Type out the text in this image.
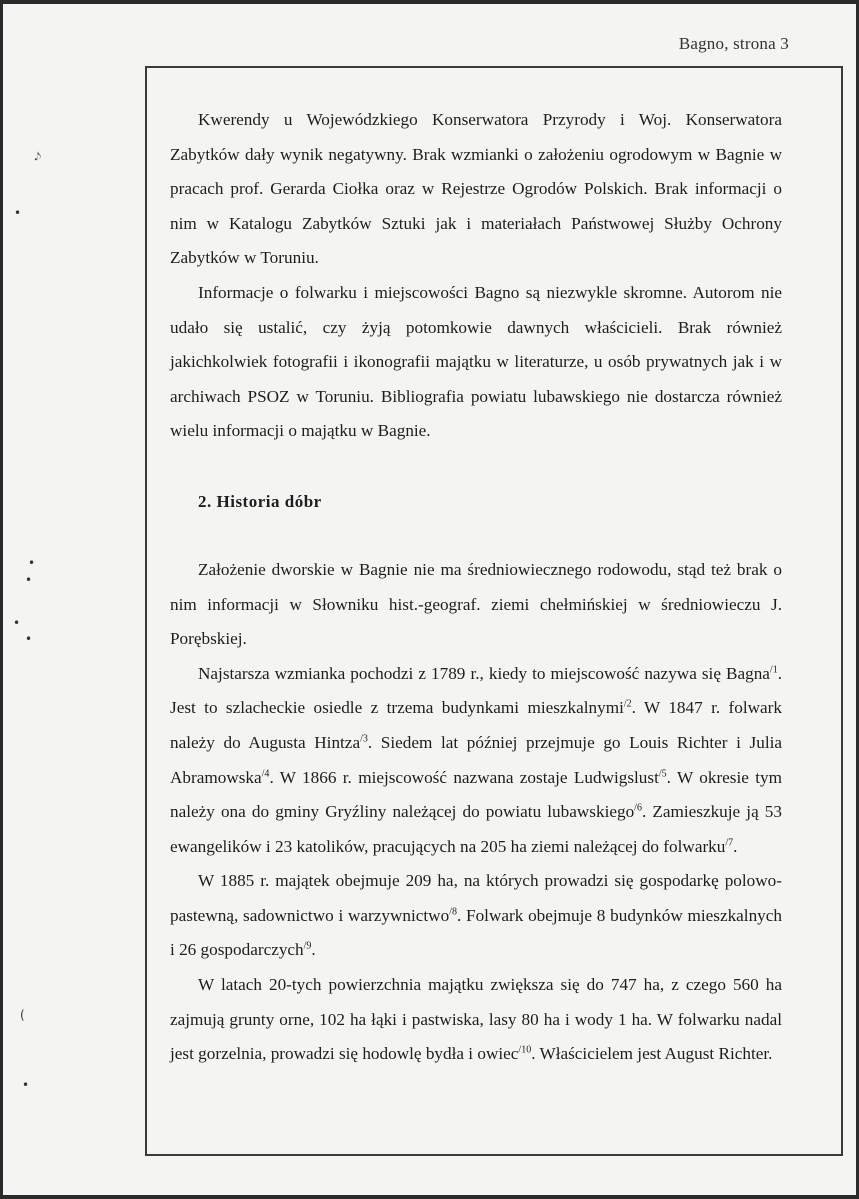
Bagno, strona 3
𝆺𝅥𝅮
•
•
•
•
•
(
•

Kwerendy u Wojewódzkiego Konserwatora Przyrody i Woj. Konserwatora Zabytków dały wynik negatywny. Brak wzmianki o założeniu ogrodowym w Bagnie w pracach prof. Gerarda Ciołka oraz w Rejestrze Ogrodów Polskich. Brak informacji o nim w Katalogu Zabytków Sztuki jak i materiałach Państwowej Służby Ochrony Zabytków w Toruniu.

Informacje o folwarku i miejscowości Bagno są niezwykle skromne. Autorom nie udało się ustalić, czy żyją potomkowie dawnych właścicieli. Brak również jakichkolwiek fotografii i ikonografii majątku w literaturze, u osób prywatnych jak i w archiwach PSOZ w Toruniu. Bibliografia powiatu lubawskiego nie dostarcza również wielu informacji o majątku w Bagnie.

2. Historia dóbr

Założenie dworskie w Bagnie nie ma średniowiecznego rodowodu, stąd też brak o nim informacji w Słowniku hist.-geograf. ziemi chełmińskiej w średniowieczu J. Porębskiej.

Najstarsza wzmianka pochodzi z 1789 r., kiedy to miejscowość nazywa się Bagna$^{/1}$. Jest to szlacheckie osiedle z trzema budynkami mieszkalnymi$^{/2}$. W 1847 r. folwark należy do Augusta Hintza$^{/3}$. Siedem lat później przejmuje go Louis Richter i Julia Abramowska$^{/4}$. W 1866 r. miejscowość nazwana zostaje Ludwigslust$^{/5}$. W okresie tym należy ona do gminy Gryźliny należącej do powiatu lubawskiego$^{/6}$. Zamieszkuje ją 53 ewangelików i 23 katolików, pracujących na 205 ha ziemi należącej do folwarku$^{/7}$.

W 1885 r. majątek obejmuje 209 ha, na których prowadzi się gospodarkę polowo- pastewną, sadownictwo i warzywnictwo$^{/8}$. Folwark obejmuje 8 budynków mieszkalnych i 26 gospodarczych$^{/9}$.

W latach 20-tych powierzchnia majątku zwiększa się do 747 ha, z czego 560 ha zajmują grunty orne, 102 ha łąki i pastwiska, lasy 80 ha i wody 1 ha. W folwarku nadal jest gorzelnia, prowadzi się hodowlę bydła i owiec$^{/10}$. Właścicielem jest August Richter.
